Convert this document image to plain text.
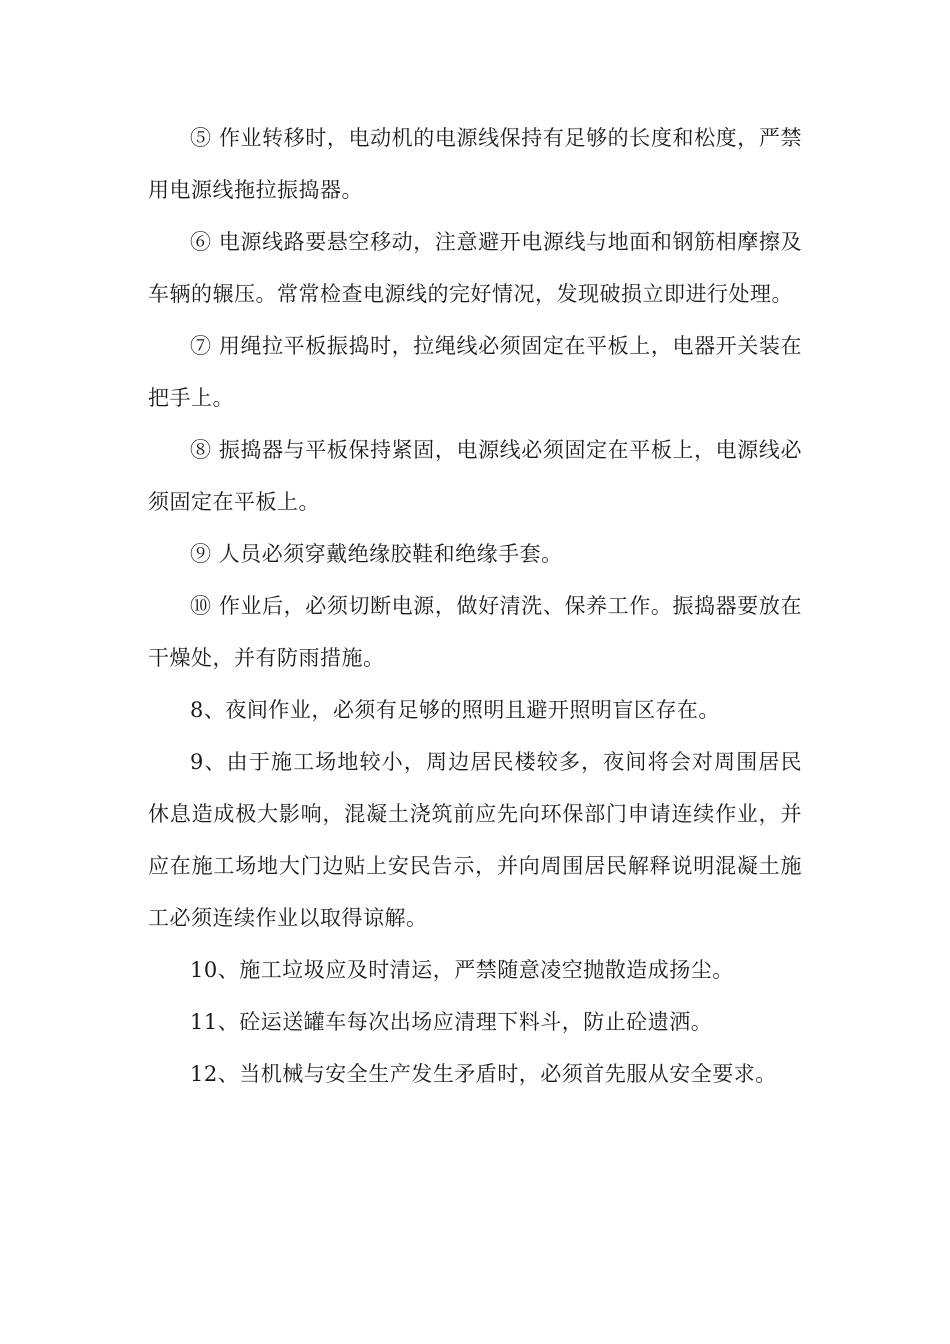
⑤ 作业转移时，电动机的电源线保持有足够的长度和松度，严禁用电源线拖拉振捣器。

⑥ 电源线路要悬空移动，注意避开电源线与地面和钢筋相摩擦及车辆的辗压。常常检查电源线的完好情况，发现破损立即进行处理。

⑦ 用绳拉平板振捣时，拉绳线必须固定在平板上，电器开关装在把手上。

⑧ 振捣器与平板保持紧固，电源线必须固定在平板上，电源线必须固定在平板上。

⑨ 人员必须穿戴绝缘胶鞋和绝缘手套。

⑩ 作业后，必须切断电源，做好清洗、保养工作。振捣器要放在干燥处，并有防雨措施。

8、夜间作业，必须有足够的照明且避开照明盲区存在。

9、由于施工场地较小，周边居民楼较多，夜间将会对周围居民休息造成极大影响，混凝土浇筑前应先向环保部门申请连续作业，并应在施工场地大门边贴上安民告示，并向周围居民解释说明混凝土施工必须连续作业以取得谅解。

10、施工垃圾应及时清运，严禁随意凌空抛散造成扬尘。

11、砼运送罐车每次出场应清理下料斗，防止砼遗洒。

12、当机械与安全生产发生矛盾时，必须首先服从安全要求。
